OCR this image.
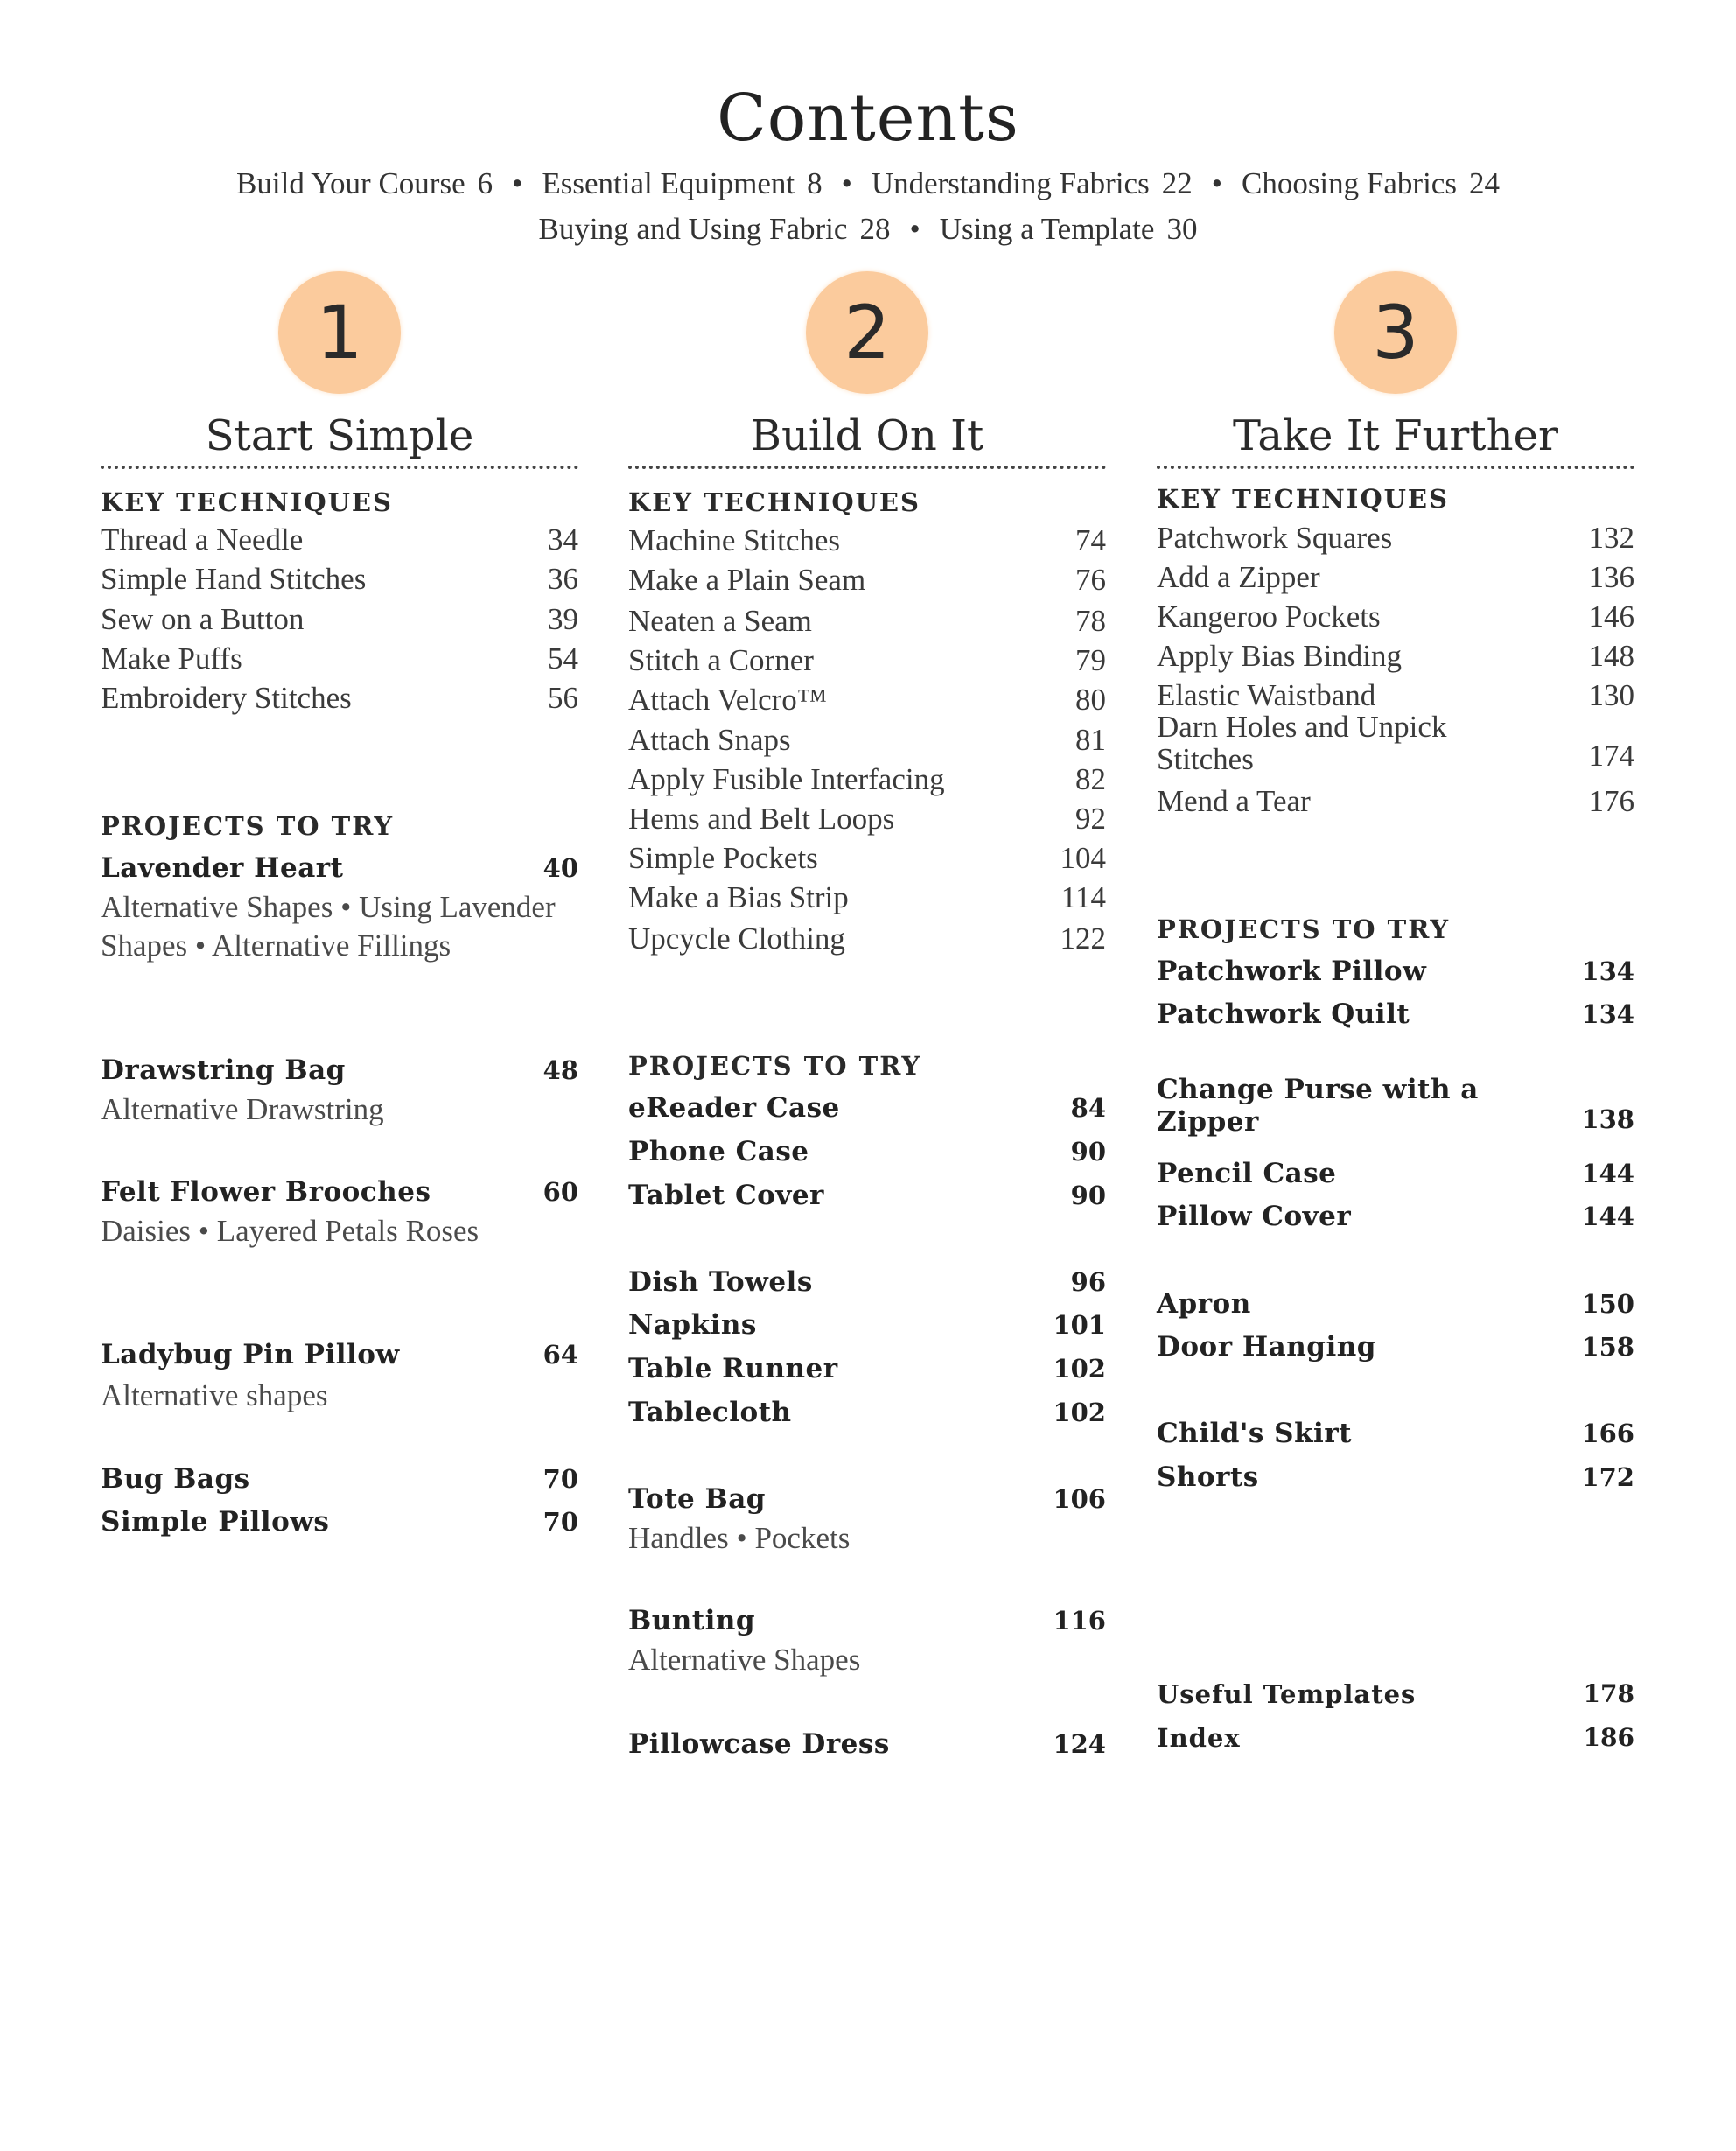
Contents
Build Your Course 6 • Essential Equipment 8 • Understanding Fabrics 22 • Choosing Fabrics 24
Buying and Using Fabric 28 • Using a Template 30
1
Start Simple
KEY TECHNIQUES
Thread a Needle	34
Simple Hand Stitches	36
Sew on a Button	39
Make Puffs	54
Embroidery Stitches	56
PROJECTS TO TRY
Lavender Heart	40
Alternative Shapes • Using Lavender Shapes • Alternative Fillings
Drawstring Bag	48
Alternative Drawstring
Felt Flower Brooches	60
Daisies • Layered Petals Roses
Ladybug Pin Pillow	64
Alternative shapes
Bug Bags	70
Simple Pillows	70
2
Build On It
KEY TECHNIQUES
Machine Stitches	74
Make a Plain Seam	76
Neaten a Seam	78
Stitch a Corner	79
Attach Velcro™	80
Attach Snaps	81
Apply Fusible Interfacing	82
Hems and Belt Loops	92
Simple Pockets	104
Make a Bias Strip	114
Upcycle Clothing	122
PROJECTS TO TRY
eReader Case	84
Phone Case	90
Tablet Cover	90
Dish Towels	96
Napkins	101
Table Runner	102
Tablecloth	102
Tote Bag	106
Handles • Pockets
Bunting	116
Alternative Shapes
Pillowcase Dress	124
3
Take It Further
KEY TECHNIQUES
Patchwork Squares	132
Add a Zipper	136
Kangeroo Pockets	146
Apply Bias Binding	148
Elastic Waistband	130
Darn Holes and Unpick Stitches	174
Mend a Tear	176
PROJECTS TO TRY
Patchwork Pillow	134
Patchwork Quilt	134
Change Purse with a Zipper	138
Pencil Case	144
Pillow Cover	144
Apron	150
Door Hanging	158
Child's Skirt	166
Shorts	172
Useful Templates	178
Index	186
